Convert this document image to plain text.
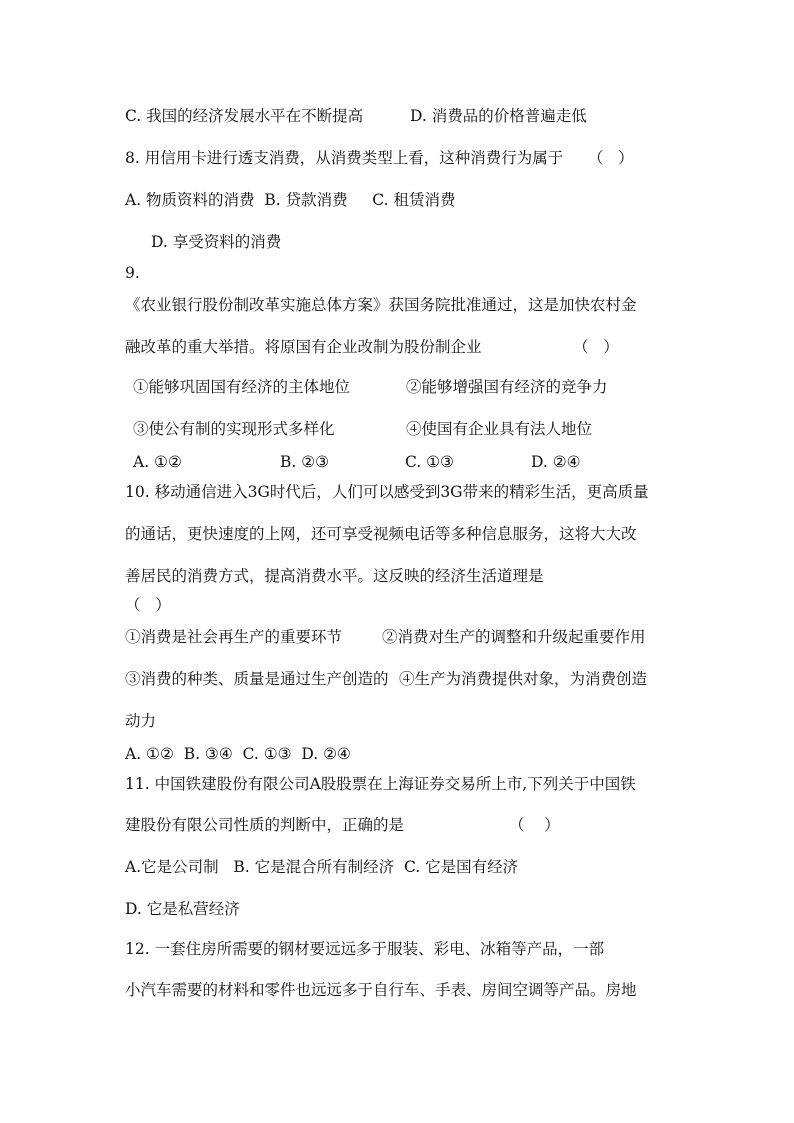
C. 我国的经济发展水平在不断提高

	D. 消费品的价格普遍走低

8. 用信用卡进行透支消费，从消费类型上看，这种消费行为属于     （   ）
A. 物质资料的消费  B. 贷款消费     C. 租赁消费
D. 享受资料的消费
9.
《农业银行股份制改革实施总体方案》获国务院批准通过，这是加快农村金

融改革的重大举措。将原国有企业改制为股份制企业

	（   ）

①能够巩固国有经济的主体地位

	②能够增强国有经济的竞争力

③使公有制的实现形式多样化

	④使国有企业具有法人地位

A. ①②

	B. ②③

	C. ①③

	D. ②④

10. 移动通信进入3G时代后，人们可以感受到3G带来的精彩生活，更高质量
的通话，更快速度的上网，还可享受视频电话等多种信息服务，这将大大改
善居民的消费方式，提高消费水平。这反映的经济生活道理是
（   ）

①消费是社会再生产的重要环节

	②消费对生产的调整和升级起重要作用

③消费的种类、质量是通过生产创造的

④生产为消费提供对象，为消费创造

动力
A. ①②  B. ③④  C. ①③  D. ②④
11. 中国铁建股份有限公司A股股票在上海证券交易所上市,下列关于中国铁

建股份有限公司性质的判断中，正确的是

	（    ）

A.它是公司制   B. 它是混合所有制经济  C. 它是国有经济
D. 它是私营经济
12. 一套住房所需要的钢材要远远多于服装、彩电、冰箱等产品，一部
小汽车需要的材料和零件也远远多于自行车、手表、房间空调等产品。房地
